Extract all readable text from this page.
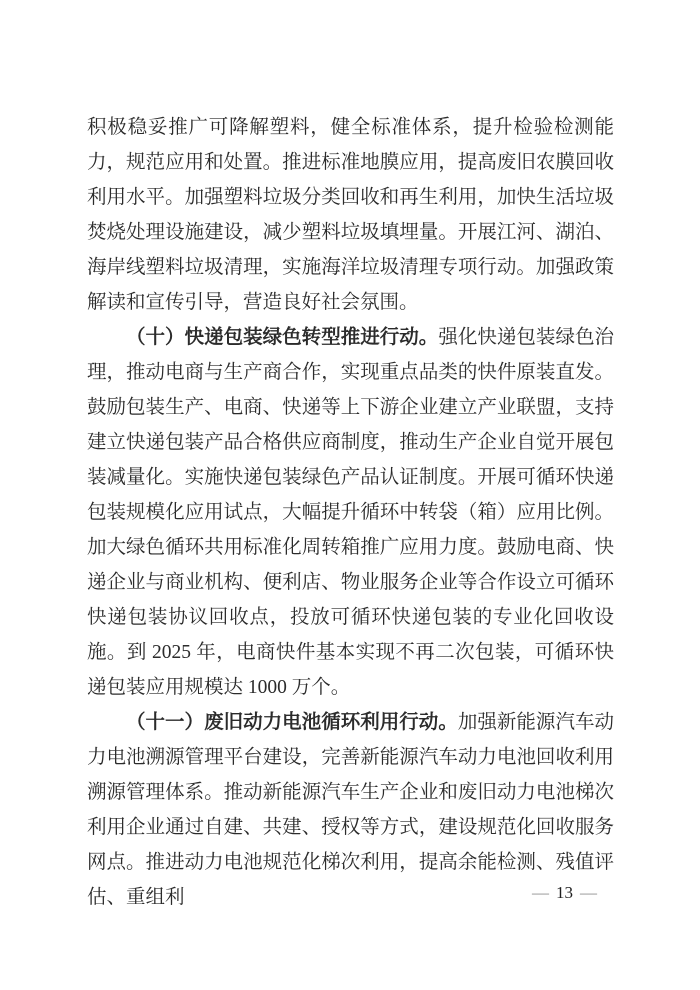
积极稳妥推广可降解塑料，健全标准体系，提升检验检测能力，规范应用和处置。推进标准地膜应用，提高废旧农膜回收利用水平。加强塑料垃圾分类回收和再生利用，加快生活垃圾焚烧处理设施建设，减少塑料垃圾填埋量。开展江河、湖泊、海岸线塑料垃圾清理，实施海洋垃圾清理专项行动。加强政策解读和宣传引导，营造良好社会氛围。

（十）快递包装绿色转型推进行动。强化快递包装绿色治理，推动电商与生产商合作，实现重点品类的快件原装直发。鼓励包装生产、电商、快递等上下游企业建立产业联盟，支持建立快递包装产品合格供应商制度，推动生产企业自觉开展包装减量化。实施快递包装绿色产品认证制度。开展可循环快递包装规模化应用试点，大幅提升循环中转袋（箱）应用比例。加大绿色循环共用标准化周转箱推广应用力度。鼓励电商、快递企业与商业机构、便利店、物业服务企业等合作设立可循环快递包装协议回收点，投放可循环快递包装的专业化回收设施。到 2025 年，电商快件基本实现不再二次包装，可循环快递包装应用规模达 1000 万个。

（十一）废旧动力电池循环利用行动。加强新能源汽车动力电池溯源管理平台建设，完善新能源汽车动力电池回收利用溯源管理体系。推动新能源汽车生产企业和废旧动力电池梯次利用企业通过自建、共建、授权等方式，建设规范化回收服务网点。推进动力电池规范化梯次利用，提高余能检测、残值评估、重组利	— 13 —
